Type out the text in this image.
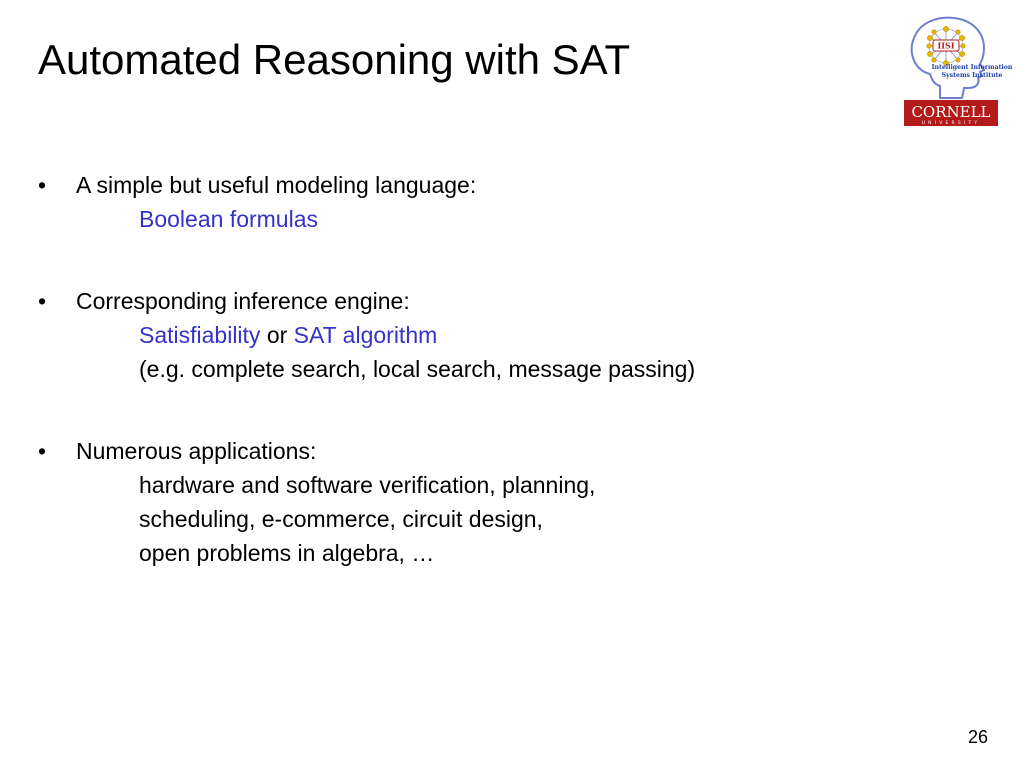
Automated Reasoning with SAT	IISI
Intelligent Information
Systems Institute
CORNELL
UNIVERSITY
•	A simple but useful modeling language:
Boolean formulas
•	Corresponding inference engine:
Satisfiability or SAT algorithm
(e.g. complete search, local search, message passing)
•	Numerous applications:
hardware and software verification, planning,
scheduling, e-commerce, circuit design,
open problems in algebra, …
26
